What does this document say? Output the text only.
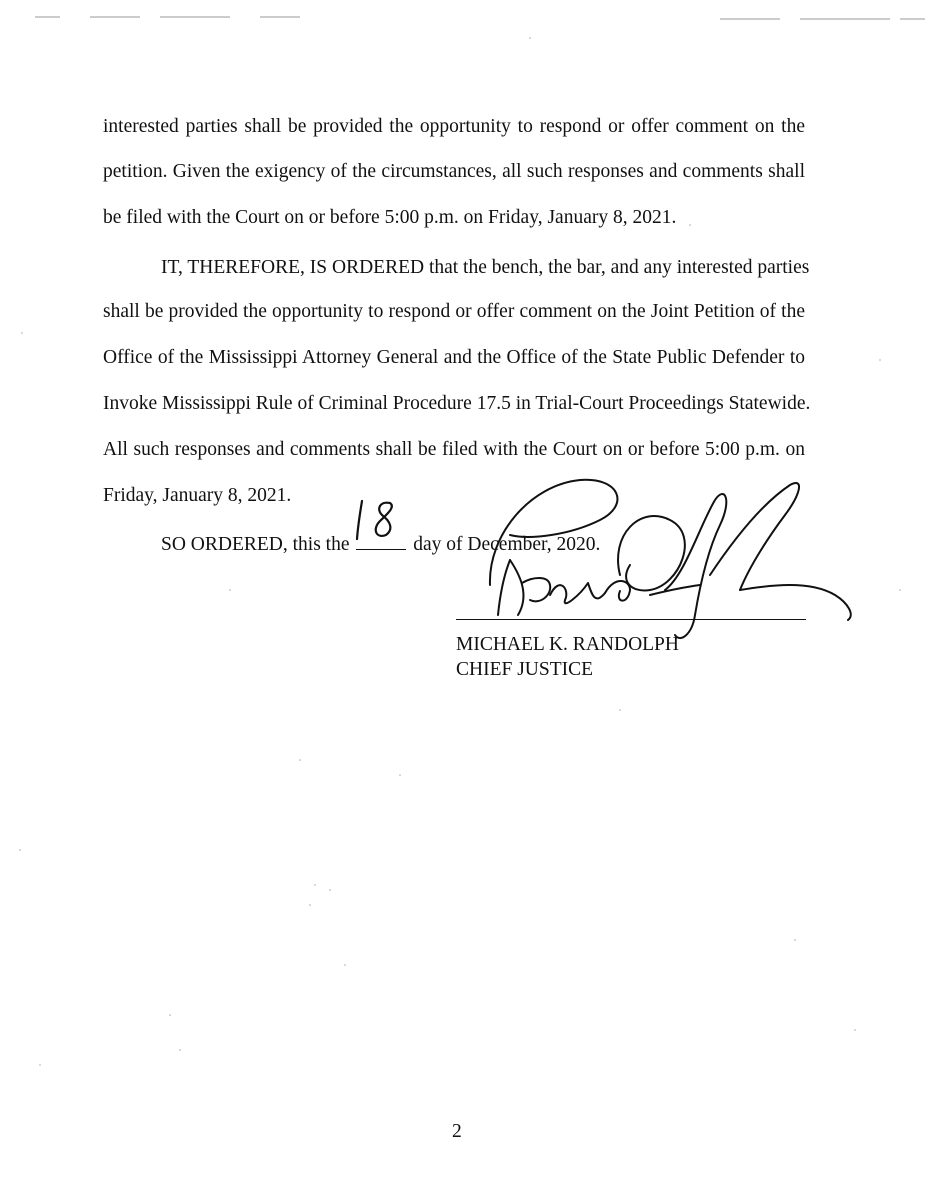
interested parties shall be provided the opportunity to respond or offer comment on the
petition. Given the exigency of the circumstances, all such responses and comments shall
be filed with the Court on or before 5:00 p.m. on Friday, January 8, 2021.
IT, THEREFORE, IS ORDERED that the bench, the bar, and any interested parties
shall be provided the opportunity to respond or offer comment on the Joint Petition of the
Office of the Mississippi Attorney General and the Office of the State Public Defender to
Invoke Mississippi Rule of Criminal Procedure 17.5 in Trial-Court Proceedings Statewide.
All such responses and comments shall be filed with the Court on or before 5:00 p.m. on
Friday, January 8, 2021.
SO ORDERED, this the	day of December, 2020.
MICHAEL K. RANDOLPH
CHIEF JUSTICE
2
